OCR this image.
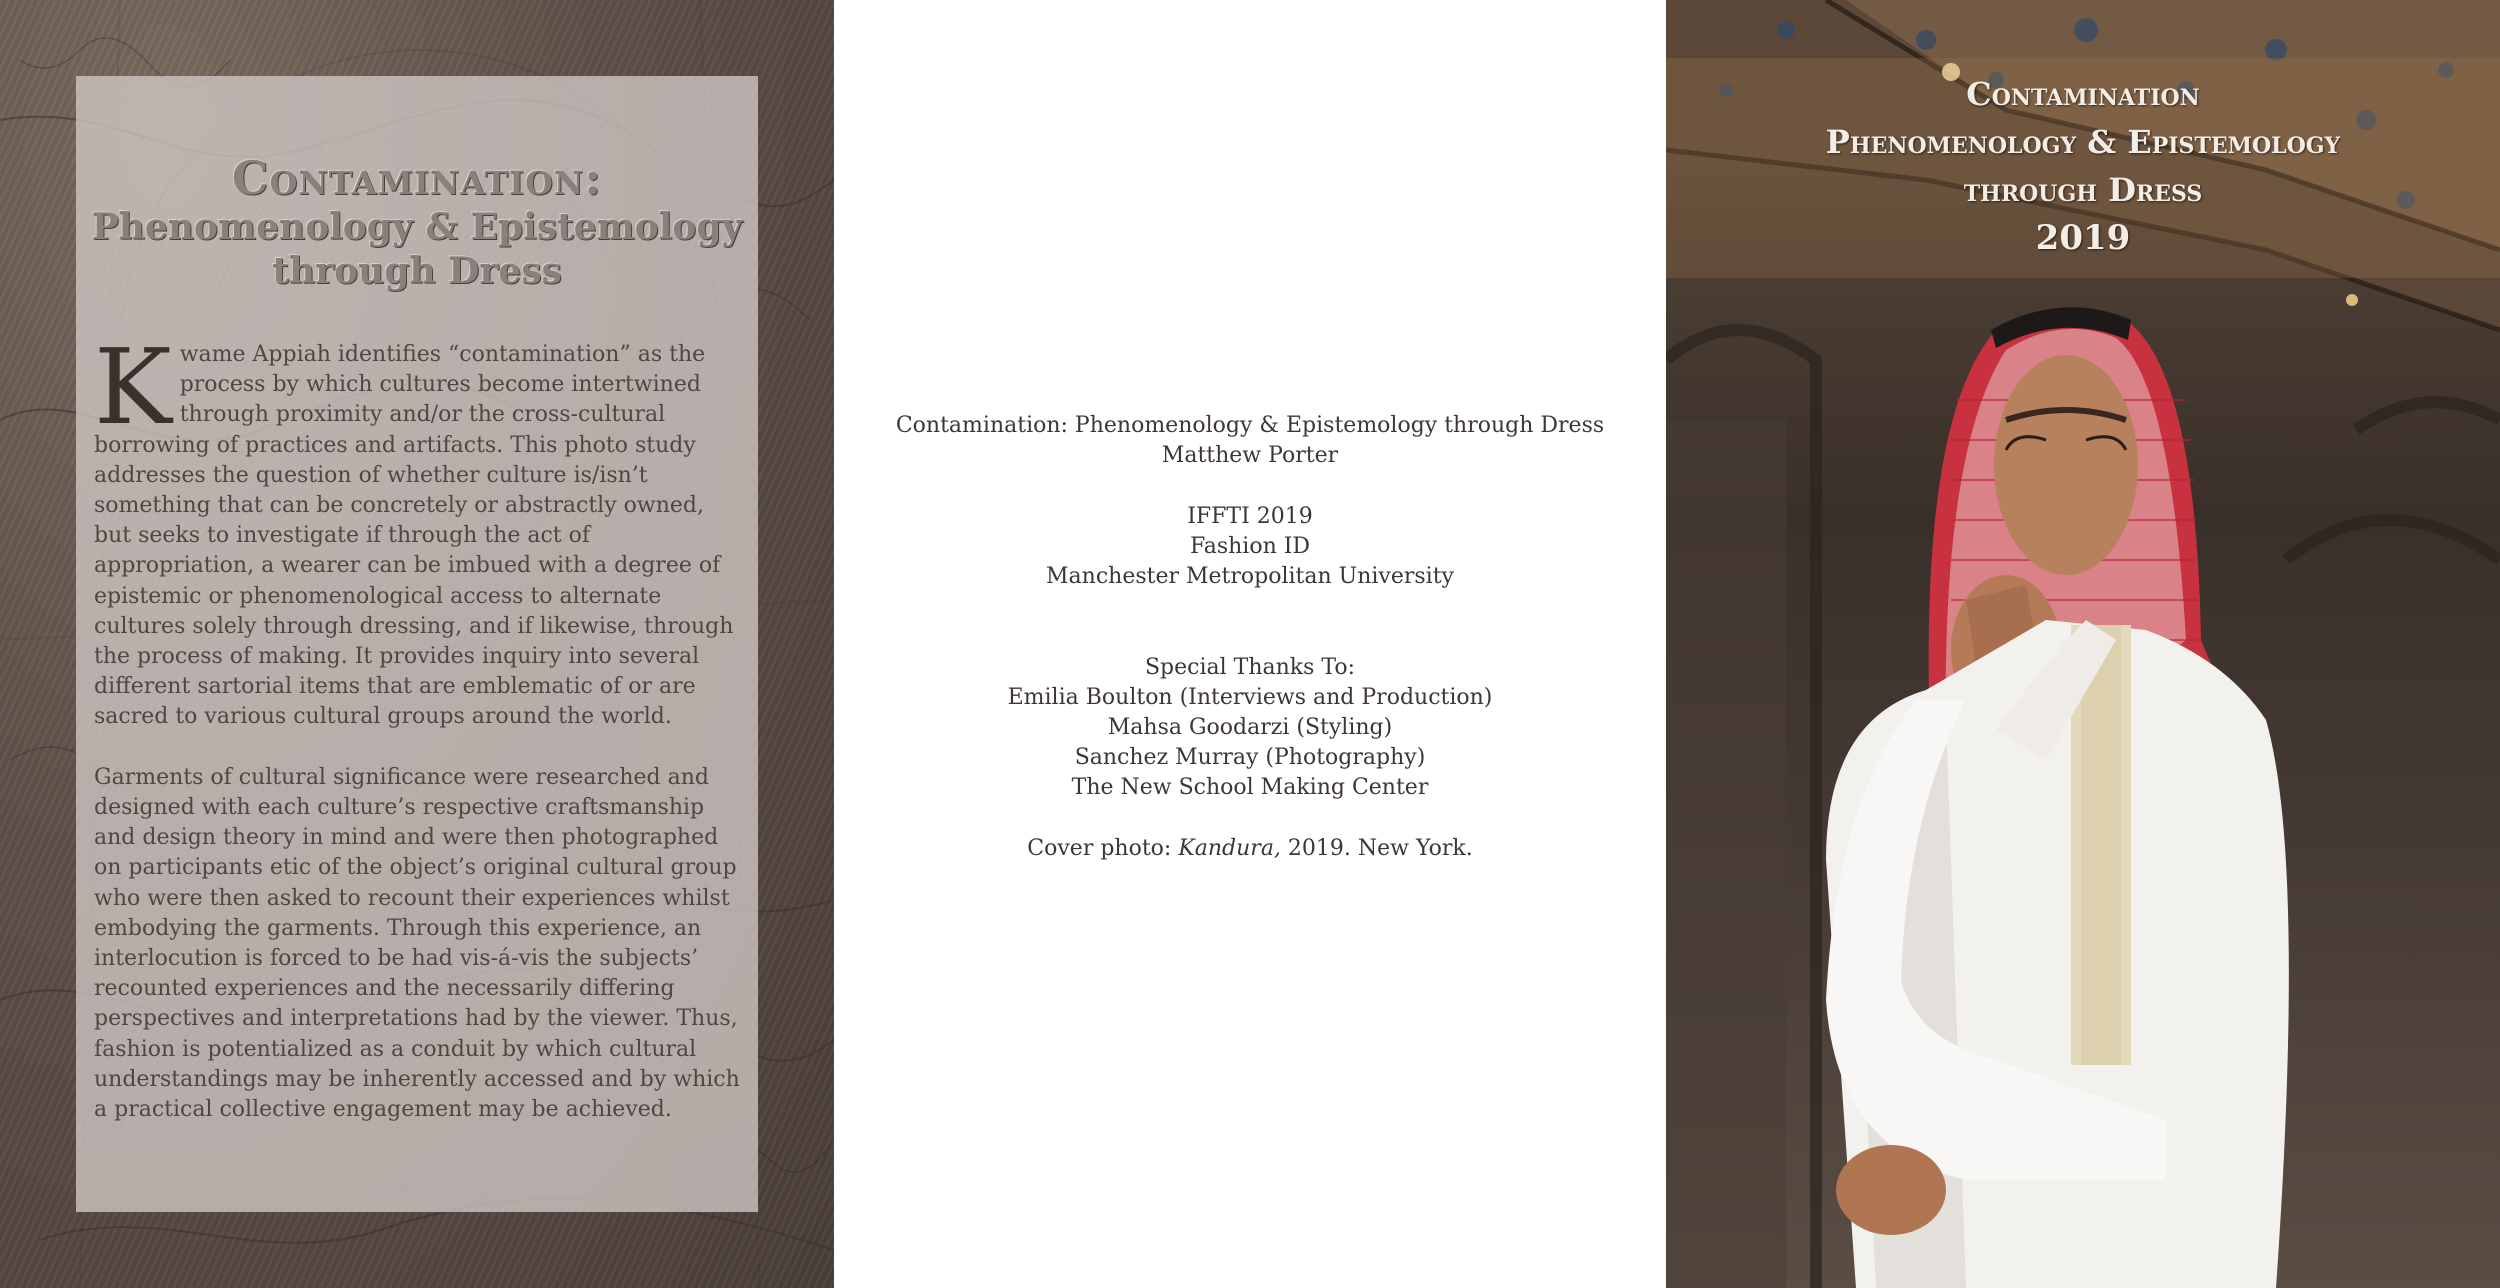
Contamination:
Phenomenology & Epistemology
through Dress

Kwame Appiah identifies “contamination” as the process by which cultures become intertwined through proximity and/or the cross-cultural borrowing of practices and artifacts. This photo study addresses the question of whether culture is/isn’t something that can be concretely or abstractly owned, but seeks to investigate if through the act of appropriation, a wearer can be imbued with a degree of epistemic or phenomenological access to alternate cultures solely through dressing, and if likewise, through the process of making. It provides inquiry into several different sartorial items that are emblematic of or are sacred to various cultural groups around the world.

Garments of cultural significance were researched and designed with each culture’s respective craftsmanship and design theory in mind and were then photographed on participants etic of the object’s original cultural group who were then asked to recount their experiences whilst embodying the garments. Through this experience, an interlocution is forced to be had vis-á-vis the subjects’ recounted experiences and the necessarily differing perspectives and interpretations had by the viewer. Thus, fashion is potentialized as a conduit by which cultural understandings may be inherently accessed and by which a practical collective engagement may be achieved.

Contamination: Phenomenology & Epistemology through Dress
Matthew Porter
IFFTI 2019
Fashion ID
Manchester Metropolitan University
Special Thanks To:
Emilia Boulton (Interviews and Production)
Mahsa Goodarzi (Styling)
Sanchez Murray (Photography)
The New School Making Center
Cover photo: Kandura, 2019. New York.
Contamination
Phenomenology & Epistemology
through Dress
2019
